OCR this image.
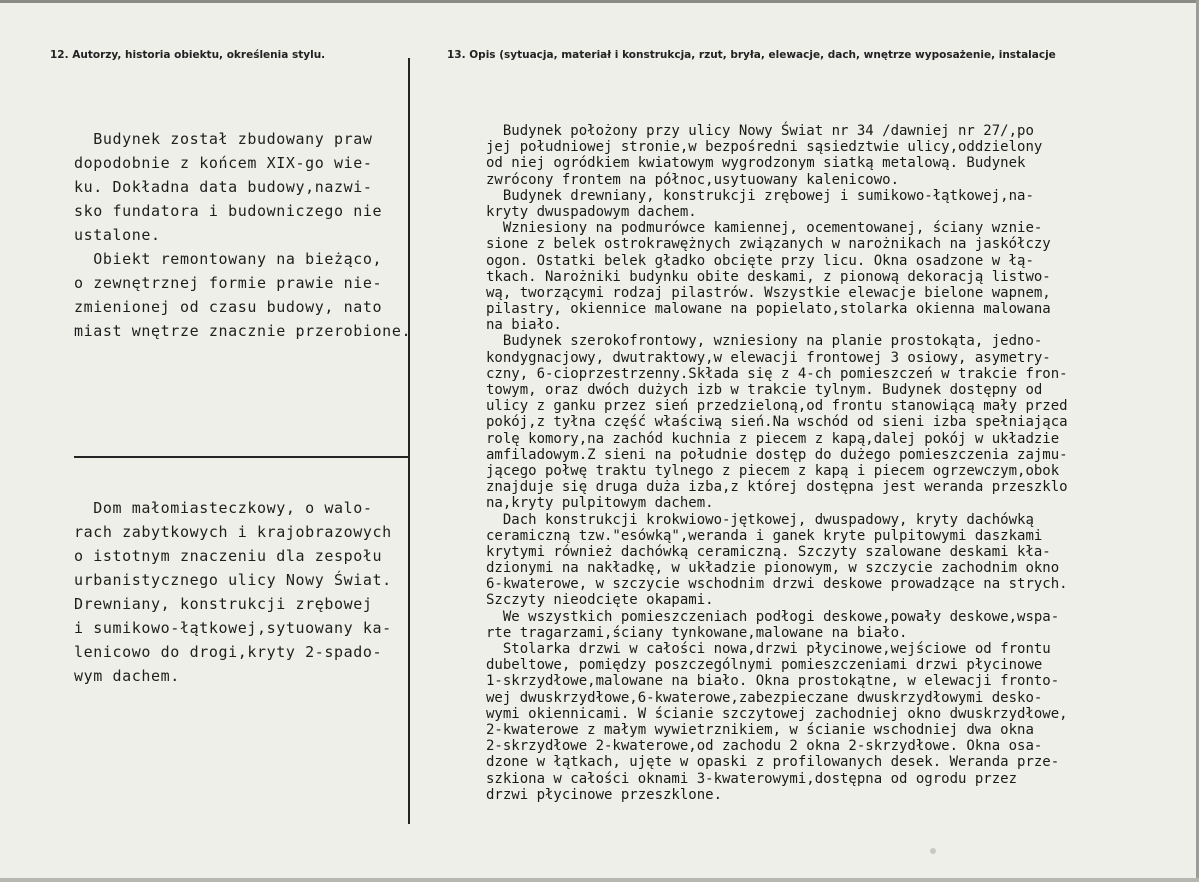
12. Autorzy, historia obiektu, określenia stylu.	13. Opis (sytuacja, materiał i konstrukcja, rzut, bryła, elewacje, dach, wnętrze wyposażenie, instalacje
Budynek został zbudowany praw
dopodobnie z końcem XIX-go wie-
ku. Dokładna data budowy,nazwi-
sko fundatora i budowniczego nie
ustalone.
Obiekt remontowany na bieżąco,
o zewnętrznej formie prawie nie-
zmienionej od czasu budowy, nato
miast wnętrze znacznie przerobione.
Dom małomiasteczkowy, o walo-
rach zabytkowych i krajobrazowych
o istotnym znaczeniu dla zespołu
urbanistycznego ulicy Nowy Świat.
Drewniany, konstrukcji zrębowej
i sumikowo-łątkowej,sytuowany ka-
lenicowo do drogi,kryty 2-spado-
wym dachem.
Budynek położony przy ulicy Nowy Świat nr 34 /dawniej nr 27/,po
jej południowej stronie,w bezpośredni sąsiedztwie ulicy,oddzielony
od niej ogródkiem kwiatowym wygrodzonym siatką metalową. Budynek
zwrócony frontem na północ,usytuowany kalenicowo.
Budynek drewniany, konstrukcji zrębowej i sumikowo-łątkowej,na-
kryty dwuspadowym dachem.
Wzniesiony na podmurówce kamiennej, ocementowanej, ściany wznie-
sione z belek ostrokrawężnych związanych w narożnikach na jaskółczy
ogon. Ostatki belek gładko obcięte przy licu. Okna osadzone w łą-
tkach. Narożniki budynku obite deskami, z pionową dekoracją listwo-
wą, tworzącymi rodzaj pilastrów. Wszystkie elewacje bielone wapnem,
pilastry, okiennice malowane na popielato,stolarka okienna malowana
na biało.
Budynek szerokofrontowy, wzniesiony na planie prostokąta, jedno-
kondygnacjowy, dwutraktowy,w elewacji frontowej 3 osiowy, asymetry-
czny, 6-cioprzestrzenny.Składa się z 4-ch pomieszczeń w trakcie fron-
towym, oraz dwóch dużych izb w trakcie tylnym. Budynek dostępny od
ulicy z ganku przez sień przedzieloną,od frontu stanowiącą mały przed
pokój,z tyłna część właściwą sień.Na wschód od sieni izba spełniająca
rolę komory,na zachód kuchnia z piecem z kapą,dalej pokój w układzie
amfiladowym.Z sieni na południe dostęp do dużego pomieszczenia zajmu-
jącego połwę traktu tylnego z piecem z kapą i piecem ogrzewczym,obok
znajduje się druga duża izba,z której dostępna jest weranda przeszklo
na,kryty pulpitowym dachem.
Dach konstrukcji krokwiowo-jętkowej, dwuspadowy, kryty dachówką
ceramiczną tzw."esówką",weranda i ganek kryte pulpitowymi daszkami
krytymi również dachówką ceramiczną. Szczyty szalowane deskami kła-
dzionymi na nakładkę, w układzie pionowym, w szczycie zachodnim okno
6-kwaterowe, w szczycie wschodnim drzwi deskowe prowadzące na strych.
Szczyty nieodcięte okapami.
We wszystkich pomieszczeniach podłogi deskowe,powały deskowe,wspa-
rte tragarzami,ściany tynkowane,malowane na biało.
Stolarka drzwi w całości nowa,drzwi płycinowe,wejściowe od frontu
dubeltowe, pomiędzy poszczególnymi pomieszczeniami drzwi płycinowe
1-skrzydłowe,malowane na biało. Okna prostokątne, w elewacji fronto-
wej dwuskrzydłowe,6-kwaterowe,zabezpieczane dwuskrzydłowymi desko-
wymi okiennicami. W ścianie szczytowej zachodniej okno dwuskrzydłowe,
2-kwaterowe z małym wywietrznikiem, w ścianie wschodniej dwa okna
2-skrzydłowe 2-kwaterowe,od zachodu 2 okna 2-skrzydłowe. Okna osa-
dzone w łątkach, ujęte w opaski z profilowanych desek. Weranda prze-
szkiona w całości oknami 3-kwaterowymi,dostępna od ogrodu przez
drzwi płycinowe przeszklone.
